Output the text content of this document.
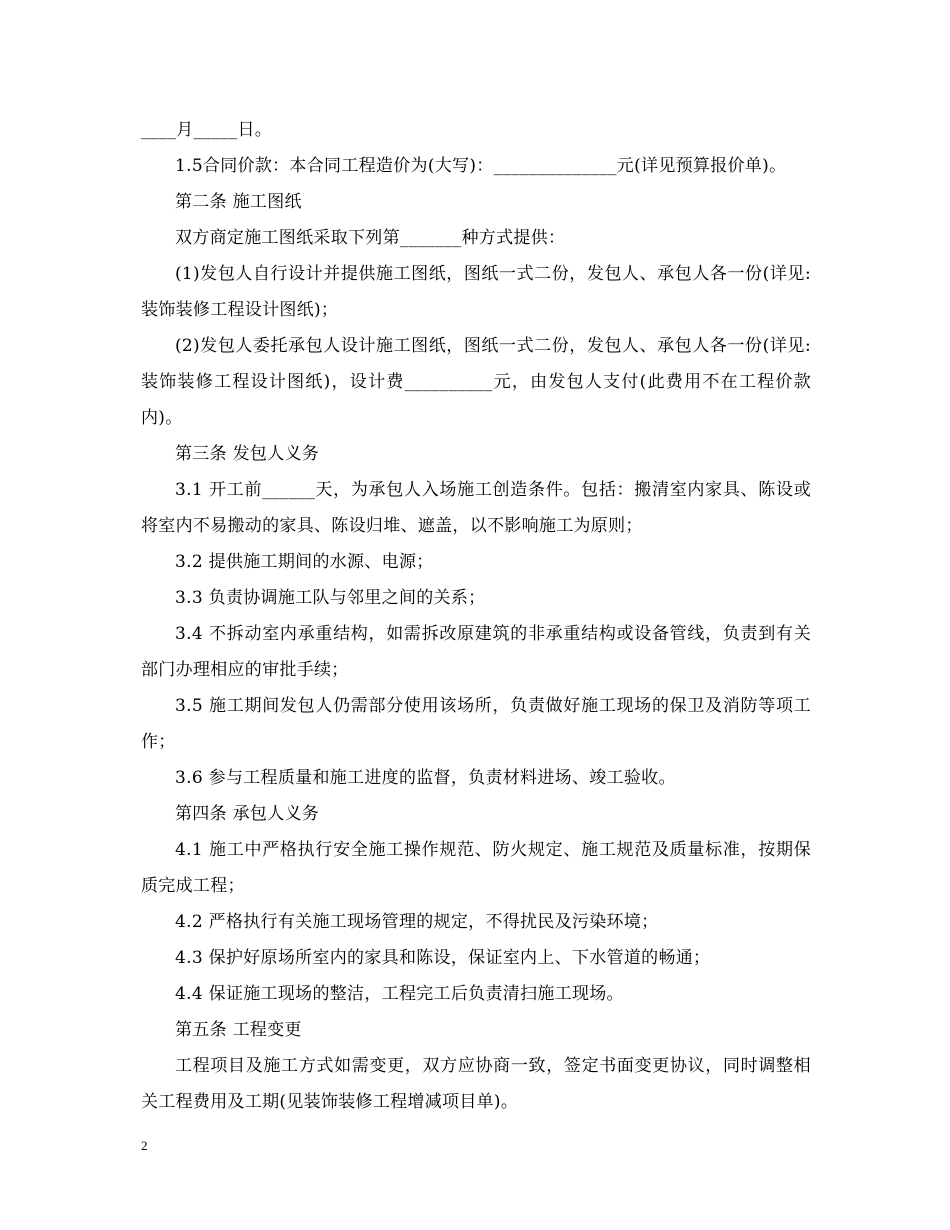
____月_____日。

1.5合同价款：本合同工程造价为(大写)：______________元(详见预算报价单)。

第二条 施工图纸

双方商定施工图纸采取下列第_______种方式提供：

(1)发包人自行设计并提供施工图纸，图纸一式二份，发包人、承包人各一份(详见:装饰装修工程设计图纸)；

(2)发包人委托承包人设计施工图纸，图纸一式二份，发包人、承包人各一份(详见:装饰装修工程设计图纸)，设计费__________元，由发包人支付(此费用不在工程价款内)。

第三条 发包人义务

3.1 开工前______天，为承包人入场施工创造条件。包括：搬清室内家具、陈设或将室内不易搬动的家具、陈设归堆、遮盖，以不影响施工为原则；

3.2 提供施工期间的水源、电源；

3.3 负责协调施工队与邻里之间的关系；

3.4 不拆动室内承重结构，如需拆改原建筑的非承重结构或设备管线，负责到有关部门办理相应的审批手续；

3.5 施工期间发包人仍需部分使用该场所，负责做好施工现场的保卫及消防等项工作；

3.6 参与工程质量和施工进度的监督，负责材料进场、竣工验收。

第四条 承包人义务

4.1 施工中严格执行安全施工操作规范、防火规定、施工规范及质量标准，按期保质完成工程；

4.2 严格执行有关施工现场管理的规定，不得扰民及污染环境；

4.3 保护好原场所室内的家具和陈设，保证室内上、下水管道的畅通；

4.4 保证施工现场的整洁，工程完工后负责清扫施工现场。

第五条 工程变更

工程项目及施工方式如需变更，双方应协商一致，签定书面变更协议，同时调整相关工程费用及工期(见装饰装修工程增减项目单)。

2
